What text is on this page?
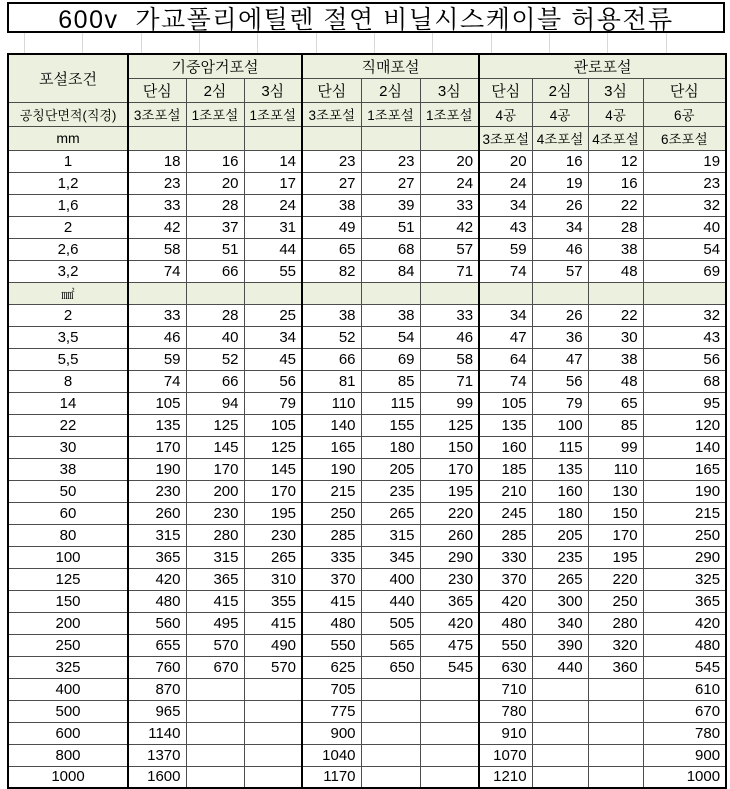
600v  가교폴리에틸렌 절연 비닐시스케이블 허용전류
포설조건	기중암거포설			직매포설			관로포설			
	단심	2심	3심	단심	2심	3심	단심	2심	3심	단심
공칭단면적(직경)	3조포설	1조포설	1조포설	3조포설	1조포설	1조포설	4공	4공	4공	6공
mm							3조포설	4조포설	4조포설	6조포설
1	18	16	14	23	23	20	20	16	12	19
1,2	23	20	17	27	27	24	24	19	16	23
1,6	33	28	24	38	39	33	34	26	22	32
2	42	37	31	49	51	42	43	34	28	40
2,6	58	51	44	65	68	57	59	46	38	54
3,2	74	66	55	82	84	71	74	57	48	69
㎟										
2	33	28	25	38	38	33	34	26	22	32
3,5	46	40	34	52	54	46	47	36	30	43
5,5	59	52	45	66	69	58	64	47	38	56
8	74	66	56	81	85	71	74	56	48	68
14	105	94	79	110	115	99	105	79	65	95
22	135	125	105	140	155	125	135	100	85	120
30	170	145	125	165	180	150	160	115	99	140
38	190	170	145	190	205	170	185	135	110	165
50	230	200	170	215	235	195	210	160	130	190
60	260	230	195	250	265	220	245	180	150	215
80	315	280	230	285	315	260	285	205	170	250
100	365	315	265	335	345	290	330	235	195	290
125	420	365	310	370	400	230	370	265	220	325
150	480	415	355	415	440	365	420	300	250	365
200	560	495	415	480	505	420	480	340	280	420
250	655	570	490	550	565	475	550	390	320	480
325	760	670	570	625	650	545	630	440	360	545
400	870			705			710			610
500	965			775			780			670
600	1140			900			910			780
800	1370			1040			1070			900
1000	1600			1170			1210			1000
